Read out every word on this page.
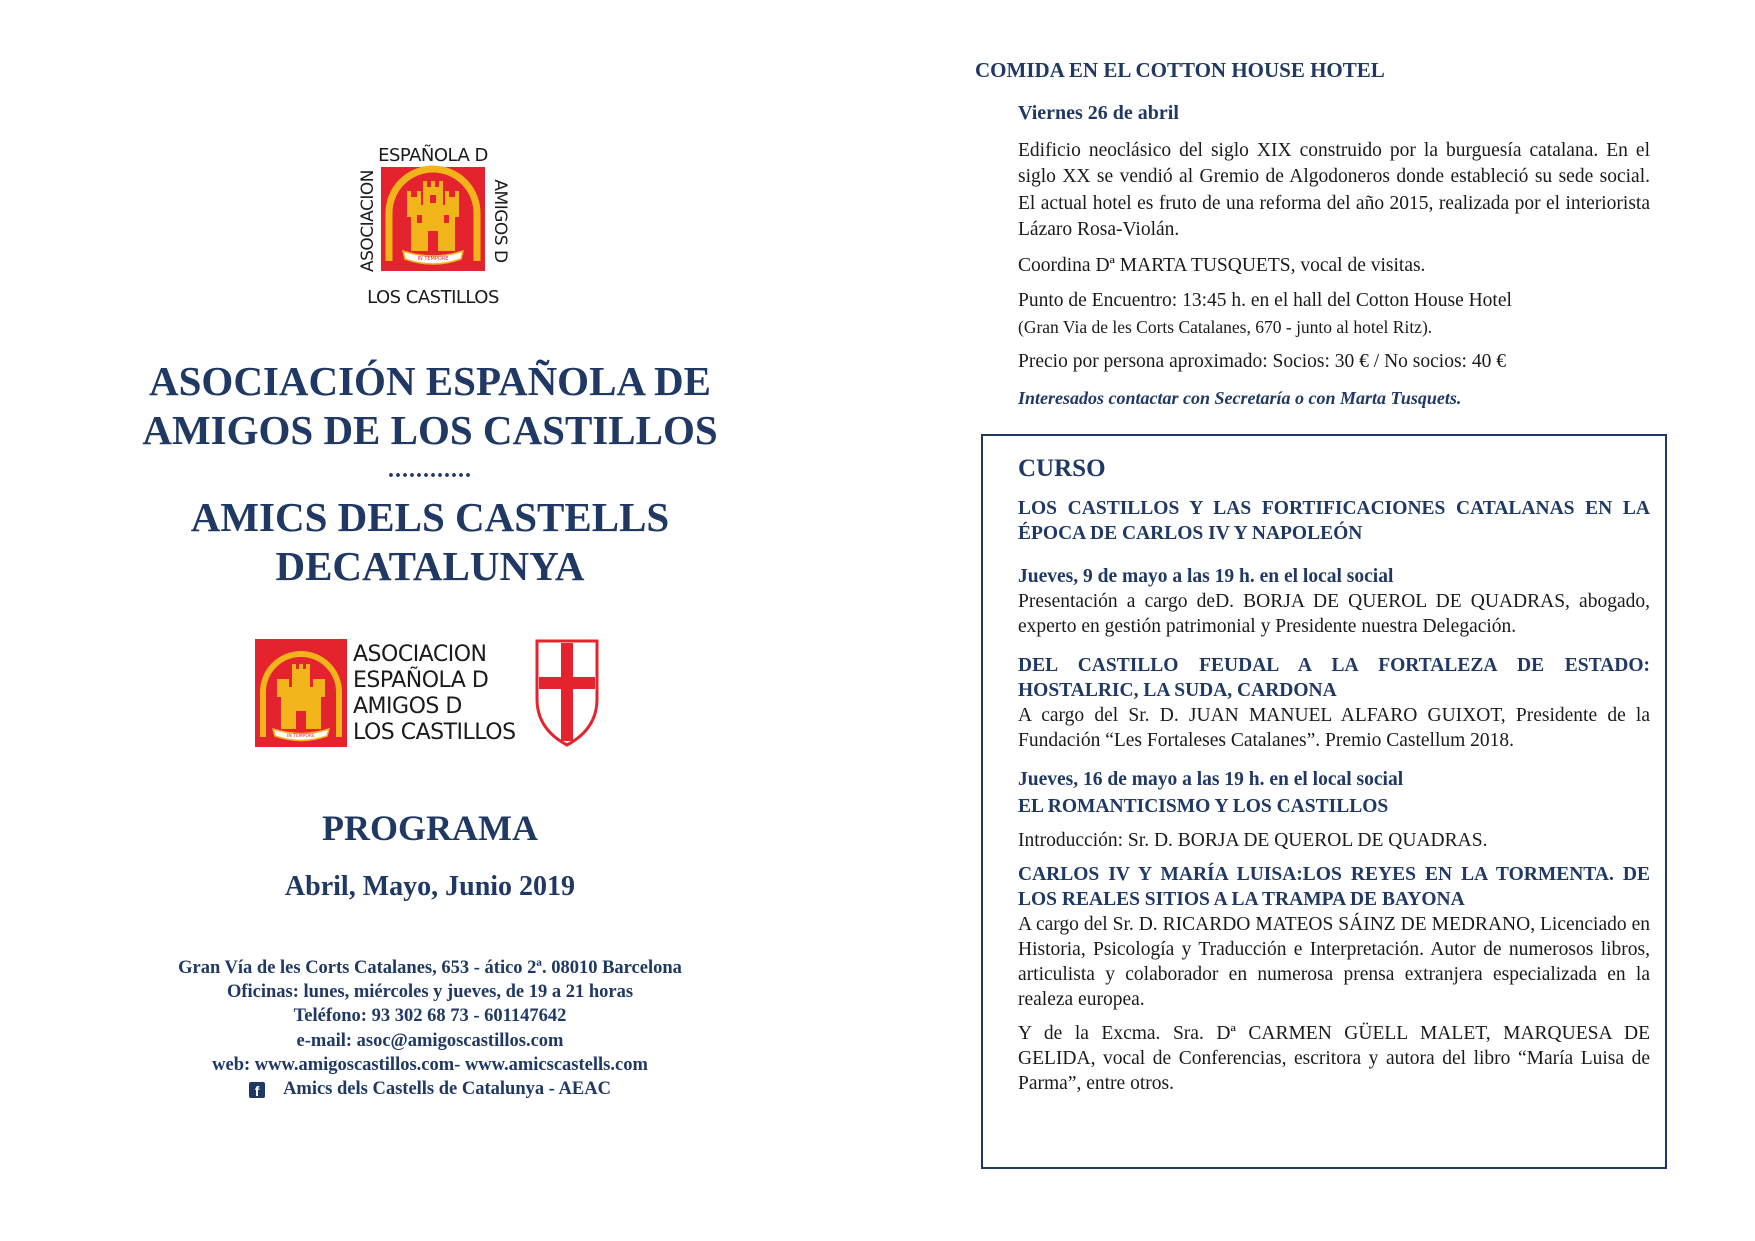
IN TEMPORE
ESPAÑOLA D
LOS CASTILLOS
ASOCIACION	AMIGOS D
ASOCIACIÓN ESPAÑOLA DE
AMIGOS DE LOS CASTILLOS
............
AMICS DELS CASTELLS
DECATALUNYA
IN TEMPORE
ASOCIACION
ESPAÑOLA D
AMIGOS D
LOS CASTILLOS
PROGRAMA
Abril, Mayo, Junio 2019
Gran Vía de les Corts Catalanes, 653 - ático 2ª. 08010 Barcelona
Oficinas: lunes, miércoles y jueves, de 19 a 21 horas
Teléfono: 93 302 68 73 - 601147642
e-mail: asoc@amigoscastillos.com
web: www.amigoscastillos.com- www.amicscastells.com
f Amics dels Castells de Catalunya - AEAC
COMIDA EN EL COTTON HOUSE HOTEL

Viernes 26 de abril

Edificio neoclásico del siglo XIX construido por la burguesía catalana. En el siglo XX se vendió al Gremio de Algodoneros donde estableció su sede social. El actual hotel es fruto de una reforma del año 2015, realizada por el interiorista Lázaro Rosa-Violán.

Coordina Dª MARTA TUSQUETS, vocal de visitas.

Punto de Encuentro: 13:45 h. en el hall del Cotton House Hotel
(Gran Via de les Corts Catalanes, 670 - junto al hotel Ritz).

Precio por persona aproximado: Socios: 30 € / No socios: 40 €

Interesados contactar con Secretaría o con Marta Tusquets.

CURSO

LOS CASTILLOS Y LAS FORTIFICACIONES CATALANAS EN LA ÉPOCA DE CARLOS IV Y NAPOLEÓN

Jueves, 9 de mayo a las 19 h. en el local social

Presentación a cargo deD. BORJA DE QUEROL DE QUADRAS, abogado, experto en gestión patrimonial y Presidente nuestra Delegación.

DEL CASTILLO FEUDAL A LA FORTALEZA DE ESTADO: HOSTALRIC, LA SUDA, CARDONA

A cargo del Sr. D. JUAN MANUEL ALFARO GUIXOT, Presidente de la Fundación “Les Fortaleses Catalanes”. Premio Castellum 2018.

Jueves, 16 de mayo a las 19 h. en el local social

EL ROMANTICISMO Y LOS CASTILLOS

Introducción: Sr. D. BORJA DE QUEROL DE QUADRAS.

CARLOS IV Y MARÍA LUISA:LOS REYES EN LA TORMENTA. DE LOS REALES SITIOS A LA TRAMPA DE BAYONA

A cargo del Sr. D. RICARDO MATEOS SÁINZ DE MEDRANO, Licenciado en Historia, Psicología y Traducción e Interpretación. Autor de numerosos libros, articulista y colaborador en numerosa prensa extranjera especializada en la realeza europea.

Y de la Excma. Sra. Dª CARMEN GÜELL MALET, MARQUESA DE GELIDA, vocal de Conferencias, escritora y autora del libro “María Luisa de Parma”, entre otros.
